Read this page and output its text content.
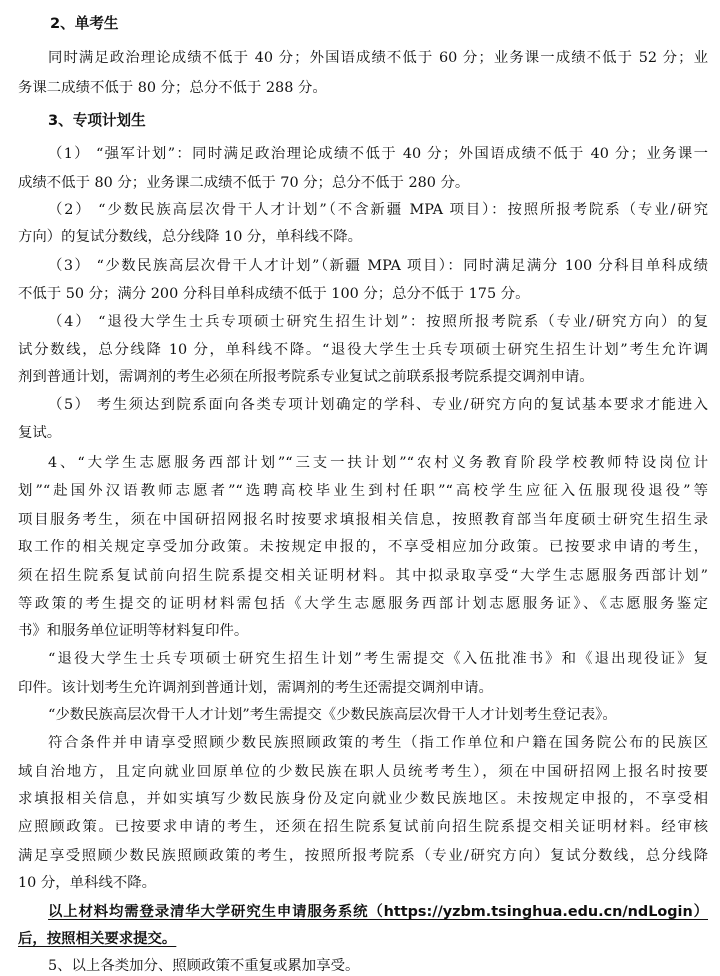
2、单考生
同时满足政治理论成绩不低于 40 分；外国语成绩不低于 60 分；业务课一成绩不低于 52 分；业
务课二成绩不低于 80 分；总分不低于 288 分。
3、专项计划生
（1） “强军计划”：同时满足政治理论成绩不低于 40 分；外国语成绩不低于 40 分；业务课一
成绩不低于 80 分；业务课二成绩不低于 70 分；总分不低于 280 分。
（2） “少数民族高层次骨干人才计划”（不含新疆 MPA 项目）：按照所报考院系（专业/研究
方向）的复试分数线，总分线降 10 分，单科线不降。
（3） “少数民族高层次骨干人才计划”（新疆 MPA 项目）：同时满足满分 100 分科目单科成绩
不低于 50 分；满分 200 分科目单科成绩不低于 100 分；总分不低于 175 分。
（4） “退役大学生士兵专项硕士研究生招生计划”：按照所报考院系（专业/研究方向）的复
试分数线，总分线降 10 分，单科线不降。“退役大学生士兵专项硕士研究生招生计划”考生允许调
剂到普通计划，需调剂的考生必须在所报考院系专业复试之前联系报考院系提交调剂申请。
（5） 考生须达到院系面向各类专项计划确定的学科、专业/研究方向的复试基本要求才能进入
复试。
4、“大学生志愿服务西部计划”“三支一扶计划”“农村义务教育阶段学校教师特设岗位计
划”“赴国外汉语教师志愿者”“选聘高校毕业生到村任职”“高校学生应征入伍服现役退役”等
项目服务考生，须在中国研招网报名时按要求填报相关信息，按照教育部当年度硕士研究生招生录
取工作的相关规定享受加分政策。未按规定申报的，不享受相应加分政策。已按要求申请的考生，
须在招生院系复试前向招生院系提交相关证明材料。其中拟录取享受“大学生志愿服务西部计划”
等政策的考生提交的证明材料需包括《大学生志愿服务西部计划志愿服务证》、《志愿服务鉴定
书》和服务单位证明等材料复印件。
“退役大学生士兵专项硕士研究生招生计划”考生需提交《入伍批准书》和《退出现役证》复
印件。该计划考生允许调剂到普通计划，需调剂的考生还需提交调剂申请。
“少数民族高层次骨干人才计划”考生需提交《少数民族高层次骨干人才计划考生登记表》。
符合条件并申请享受照顾少数民族照顾政策的考生（指工作单位和户籍在国务院公布的民族区
域自治地方，且定向就业回原单位的少数民族在职人员统考考生），须在中国研招网上报名时按要
求填报相关信息，并如实填写少数民族身份及定向就业少数民族地区。未按规定申报的，不享受相
应照顾政策。已按要求申请的考生，还须在招生院系复试前向招生院系提交相关证明材料。经审核
满足享受照顾少数民族照顾政策的考生，按照所报考院系（专业/研究方向）复试分数线，总分线降
10 分，单科线不降。
以上材料均需登录清华大学研究生申请服务系统（https://yzbm.tsinghua.edu.cn/ndLogin）
后，按照相关要求提交。
5、以上各类加分、照顾政策不重复或累加享受。
